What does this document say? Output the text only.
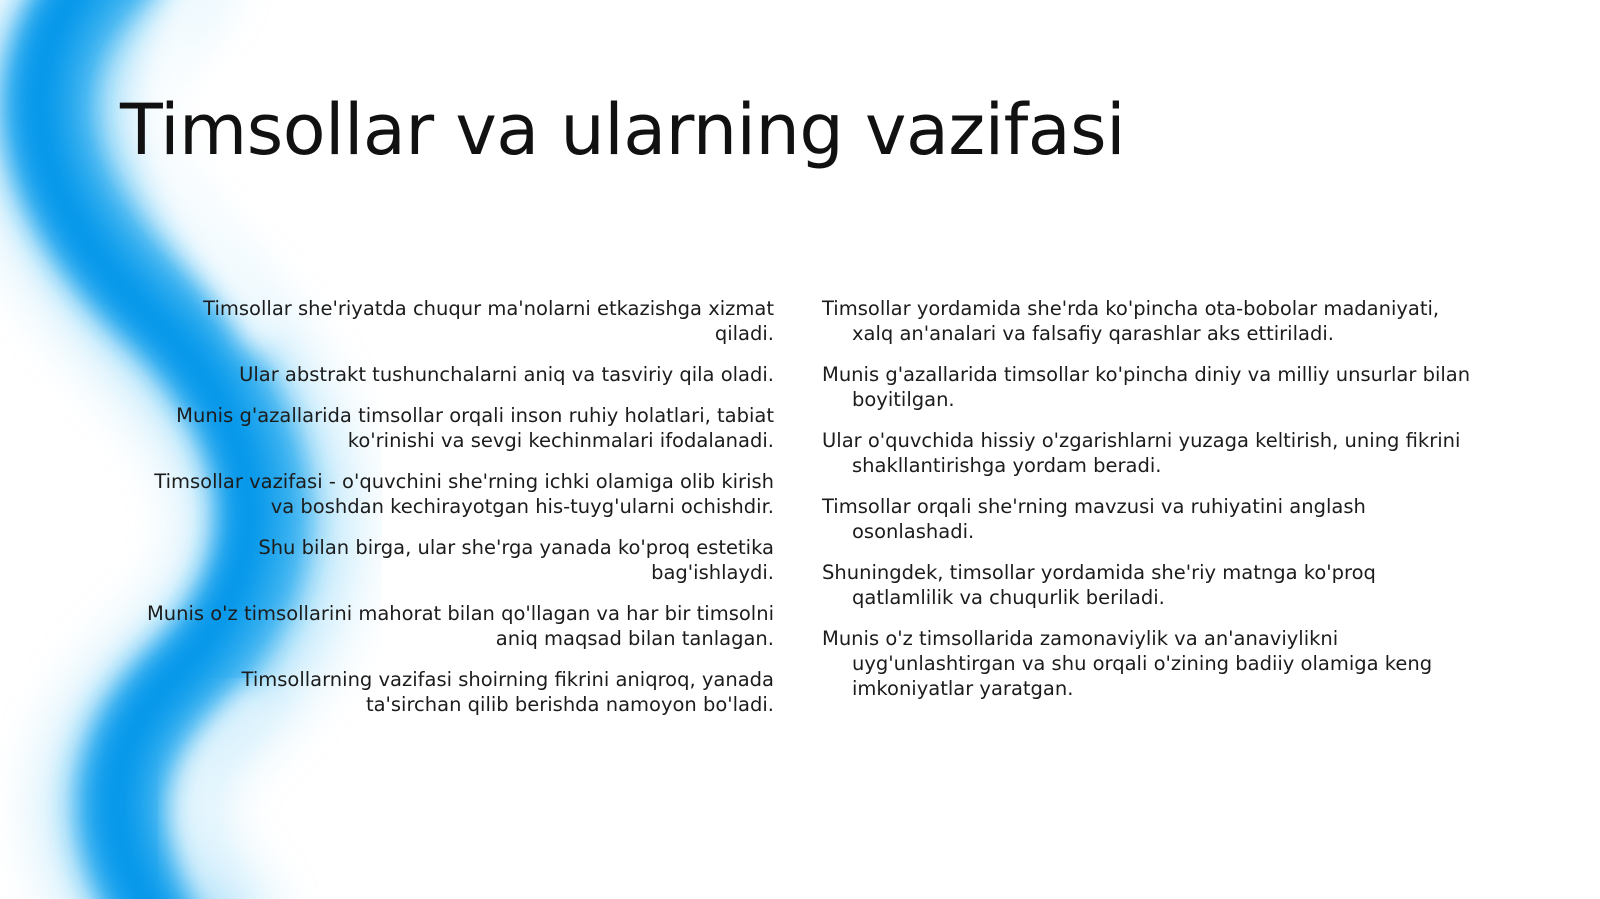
Timsollar va ularning vazifasi
Timsollar she'riyatda chuqur ma'nolarni etkazishga xizmat qiladi.
Ular abstrakt tushunchalarni aniq va tasviriy qila oladi.
Munis g'azallarida timsollar orqali inson ruhiy holatlari, tabiat ko'rinishi va sevgi kechinmalari ifodalanadi.
Timsollar vazifasi - o'quvchini she'rning ichki olamiga olib kirish va boshdan kechirayotgan his-tuyg'ularni ochishdir.
Shu bilan birga, ular she'rga yanada ko'proq estetika bag'ishlaydi.
Munis o'z timsollarini mahorat bilan qo'llagan va har bir timsolni aniq maqsad bilan tanlagan.
Timsollarning vazifasi shoirning fikrini aniqroq, yanada ta'sirchan qilib berishda namoyon bo'ladi.
Timsollar yordamida she'rda ko'pincha ota-bobolar madaniyati, xalq an'analari va falsafiy qarashlar aks ettiriladi.
Munis g'azallarida timsollar ko'pincha diniy va milliy unsurlar bilan boyitilgan.
Ular o'quvchida hissiy o'zgarishlarni yuzaga keltirish, uning fikrini shakllantirishga yordam beradi.
Timsollar orqali she'rning mavzusi va ruhiyatini anglash osonlashadi.
Shuningdek, timsollar yordamida she'riy matnga ko'proq qatlamlilik va chuqurlik beriladi.
Munis o'z timsollarida zamonaviylik va an'anaviylikni uyg'unlashtirgan va shu orqali o'zining badiiy olamiga keng imkoniyatlar yaratgan.
